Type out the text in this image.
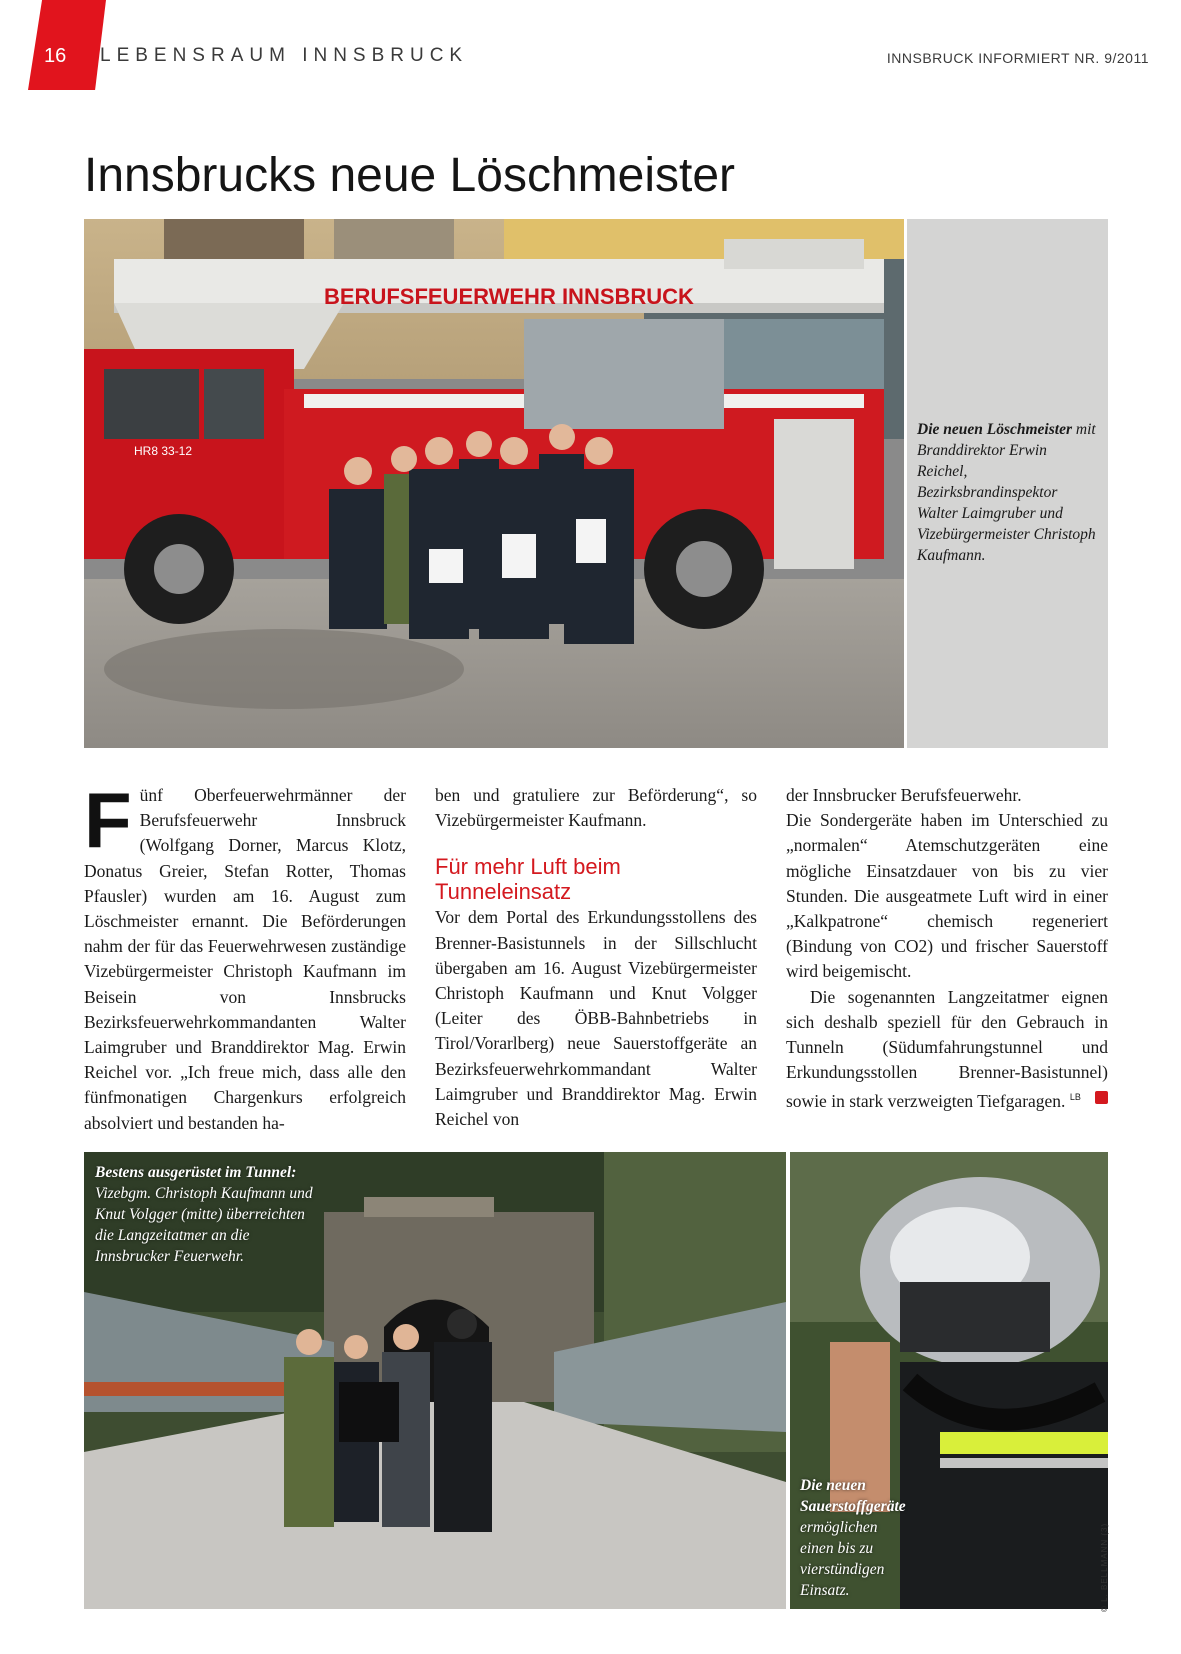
16 LEBENSRAUM INNSBRUCK	INNSBRUCK INFORMIERT NR. 9/2011
Innsbrucks neue Löschmeister
BERUFSFEUERWEHR INNSBRUCK
HR8 33-12
Die neuen Löschmeister mit Branddirektor Erwin Reichel, Bezirksbrandinspektor Walter Laimgruber und Vizebürgermeister Christoph Kaufmann.
F ünf Oberfeuerwehrmänner der Berufsfeuerwehr Innsbruck (Wolfgang Dorner, Marcus Klotz, Donatus Greier, Stefan Rotter, Thomas Pfausler) wurden am 16. August zum Löschmeister ernannt. Die Beförderungen nahm der für das Feuerwehrwesen zuständige Vizebürgermeister Christoph Kaufmann im Beisein von Innsbrucks Bezirksfeuerwehrkommandanten Walter Laimgruber und Branddirektor Mag. Erwin Reichel vor. „Ich freue mich, dass alle den fünfmonatigen Chargenkurs erfolgreich absolviert und bestanden ha-

ben und gratuliere zur Beförderung“, so Vizebürgermeister Kaufmann.

Für mehr Luft beim Tunneleinsatz

Vor dem Portal des Erkundungsstollens des Brenner-Basistunnels in der Sillschlucht übergaben am 16. August Vizebürgermeister Christoph Kaufmann und Knut Volgger (Leiter des ÖBB-Bahnbetriebs in Tirol/Vorarlberg) neue Sauerstoffgeräte an Bezirksfeuerwehrkommandant Walter Laimgruber und Branddirektor Mag. Erwin Reichel von

der Innsbrucker Berufsfeuerwehr.

Die Sondergeräte haben im Unterschied zu „normalen“ Atemschutzgeräten eine mögliche Einsatzdauer von bis zu vier Stunden. Die ausgeatmete Luft wird in einer „Kalkpatrone“ chemisch regeneriert (Bindung von CO2) und frischer Sauerstoff wird beigemischt.

Die sogenannten Langzeitatmer eignen sich deshalb speziell für den Gebrauch in Tunneln (Südumfahrungstunnel und Erkundungsstollen Brenner-Basistunnel) sowie in stark verzweigten Tiefgaragen. $^{LB}$

Bestens ausgerüstet im Tunnel:
Vizebgm. Christoph Kaufmann und Knut Volgger (mitte) überreichten die Langzeitatmer an die Innsbrucker Feuerwehr.
Die neuen Sauerstoffgeräte
ermöglichen einen bis zu vierstündigen Einsatz.	© L. BELLMANN (3)
